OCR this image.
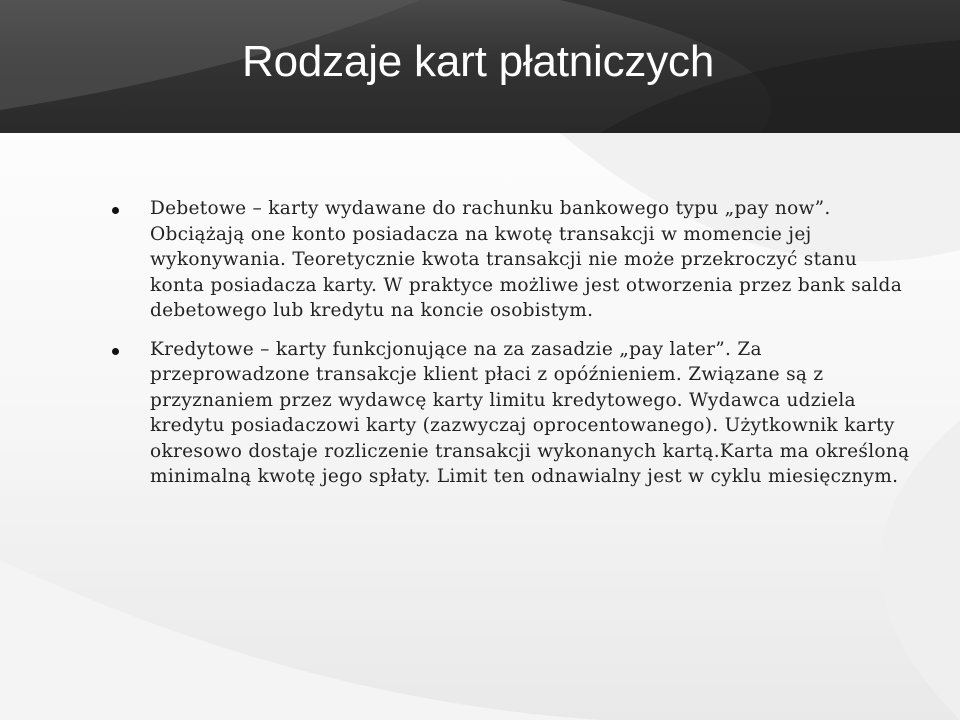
Rodzaje kart płatniczych
Debetowe – karty wydawane do rachunku bankowego typu „pay now”. Obciążają one konto posiadacza na kwotę transakcji w momencie jej wykonywania. Teoretycznie kwota transakcji nie może przekroczyć stanu konta posiadacza karty. W praktyce możliwe jest otworzenia przez bank salda debetowego lub kredytu na koncie osobistym.
Kredytowe – karty funkcjonujące na za zasadzie „pay later”. Za przeprowadzone transakcje klient płaci z opóźnieniem. Związane są z przyznaniem przez wydawcę karty limitu kredytowego. Wydawca udziela kredytu posiadaczowi karty (zazwyczaj oprocentowanego). Użytkownik karty okresowo dostaje rozliczenie transakcji wykonanych kartą.Karta ma określoną minimalną kwotę jego spłaty. Limit ten odnawialny jest w cyklu miesięcznym.
